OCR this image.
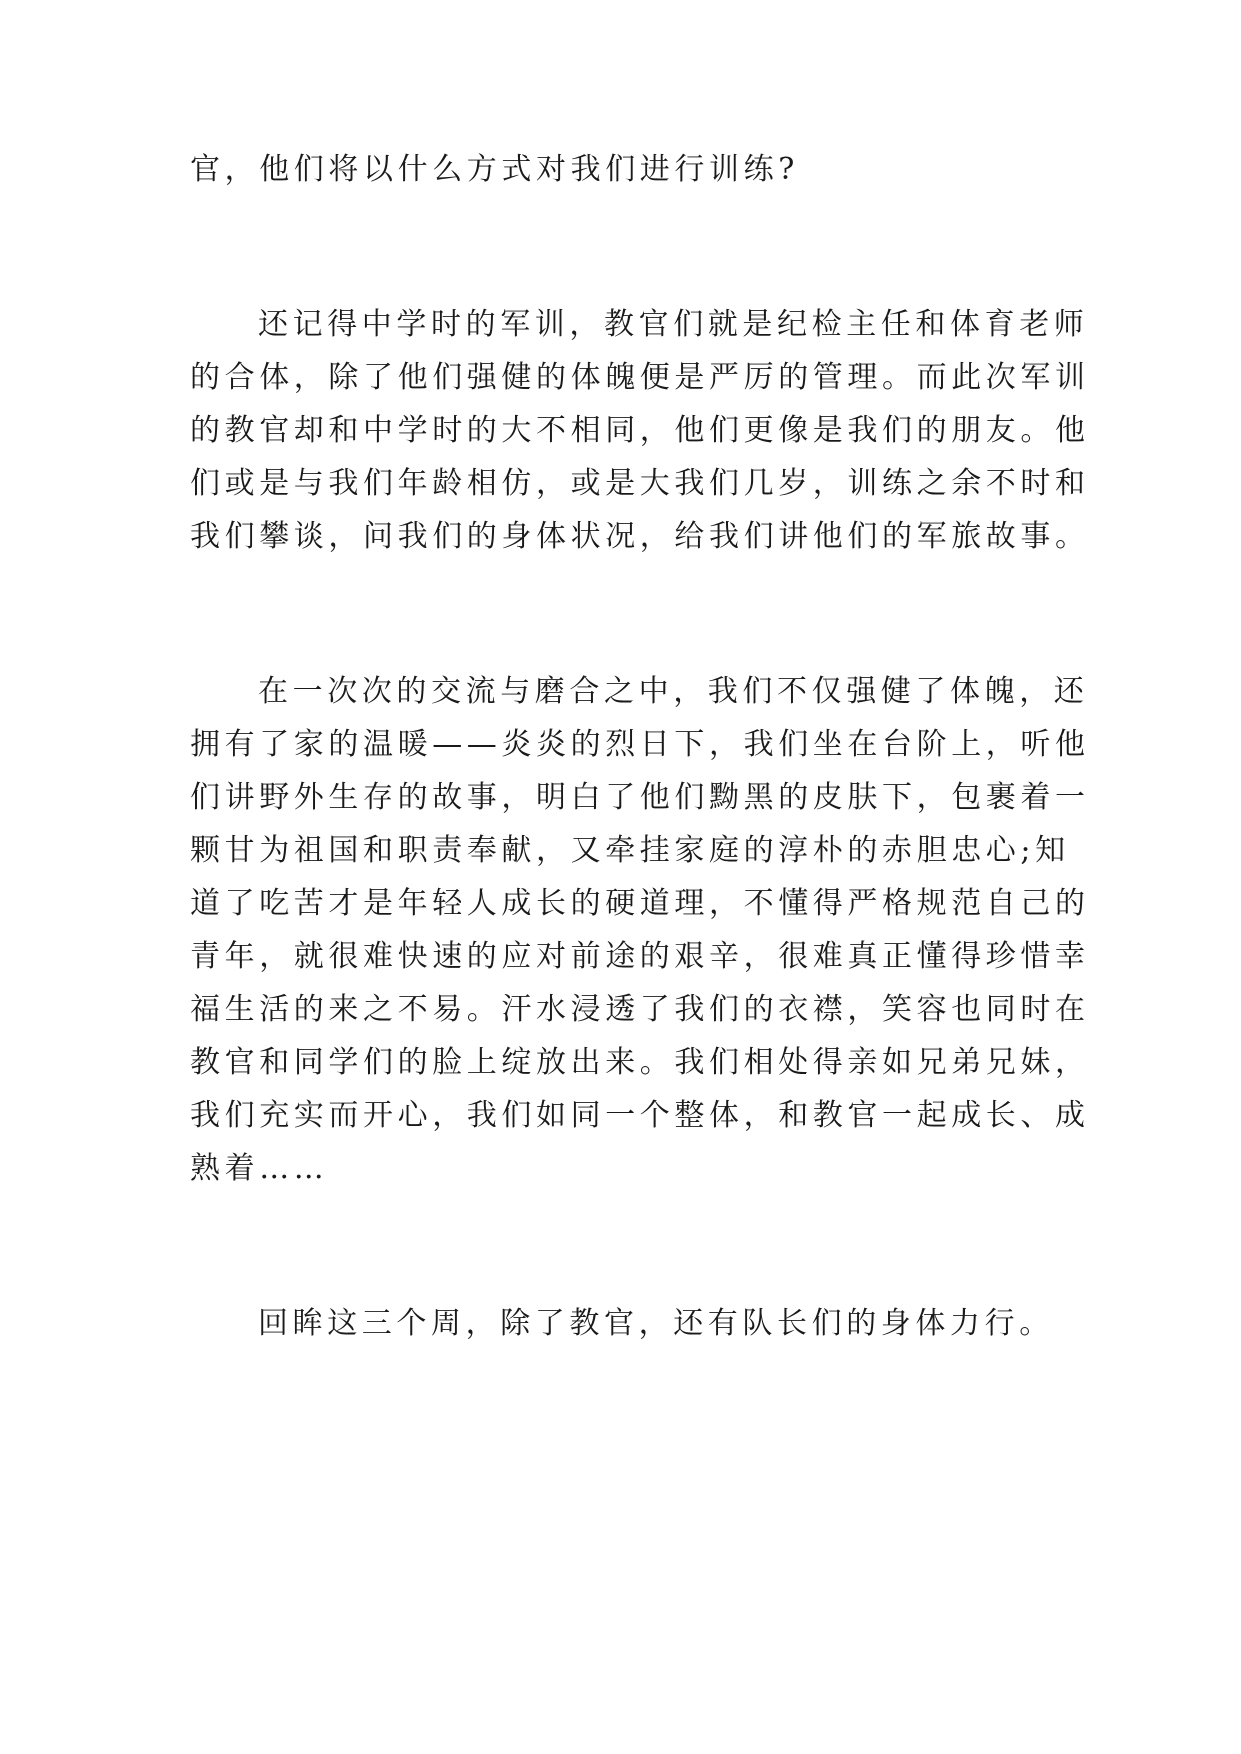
官，他们将以什么方式对我们进行训练?

还记得中学时的军训，教官们就是纪检主任和体育老师

的合体，除了他们强健的体魄便是严厉的管理。而此次军训

的教官却和中学时的大不相同，他们更像是我们的朋友。他

们或是与我们年龄相仿，或是大我们几岁，训练之余不时和

我们攀谈，问我们的身体状况，给我们讲他们的军旅故事。

在一次次的交流与磨合之中，我们不仅强健了体魄，还

拥有了家的温暖——炎炎的烈日下，我们坐在台阶上，听他

们讲野外生存的故事，明白了他们黝黑的皮肤下，包裹着一

颗甘为祖国和职责奉献，又牵挂家庭的淳朴的赤胆忠心;知

道了吃苦才是年轻人成长的硬道理，不懂得严格规范自己的

青年，就很难快速的应对前途的艰辛，很难真正懂得珍惜幸

福生活的来之不易。汗水浸透了我们的衣襟，笑容也同时在

教官和同学们的脸上绽放出来。我们相处得亲如兄弟兄妹，

我们充实而开心，我们如同一个整体，和教官一起成长、成

熟着……

回眸这三个周，除了教官，还有队长们的身体力行。
